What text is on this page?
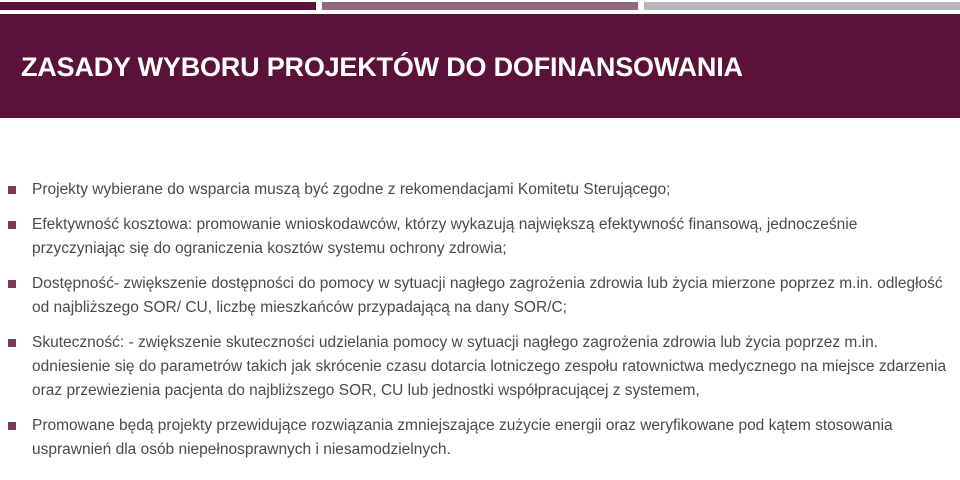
ZASADY WYBORU PROJEKTÓW DO DOFINANSOWANIA
Projekty wybierane do wsparcia muszą być zgodne z rekomendacjami Komitetu Sterującego;
Efektywność kosztowa: promowanie wnioskodawców, którzy wykazują największą efektywność finansową, jednocześnie przyczyniając się do ograniczenia kosztów systemu ochrony zdrowia;
Dostępność- zwiększenie dostępności do pomocy w sytuacji nagłego zagrożenia zdrowia lub życia mierzone poprzez m.in. odległość od najbliższego SOR/ CU, liczbę mieszkańców przypadającą na dany SOR/C;
Skuteczność: - zwiększenie skuteczności udzielania pomocy w sytuacji nagłego zagrożenia zdrowia lub życia poprzez m.in. odniesienie się do parametrów takich jak skrócenie czasu dotarcia lotniczego zespołu ratownictwa medycznego na miejsce zdarzenia oraz przewiezienia pacjenta do najbliższego SOR, CU lub jednostki współpracującej z systemem,
Promowane będą projekty przewidujące rozwiązania zmniejszające zużycie energii oraz weryfikowane pod kątem stosowania usprawnień dla osób niepełnosprawnych i niesamodzielnych.
